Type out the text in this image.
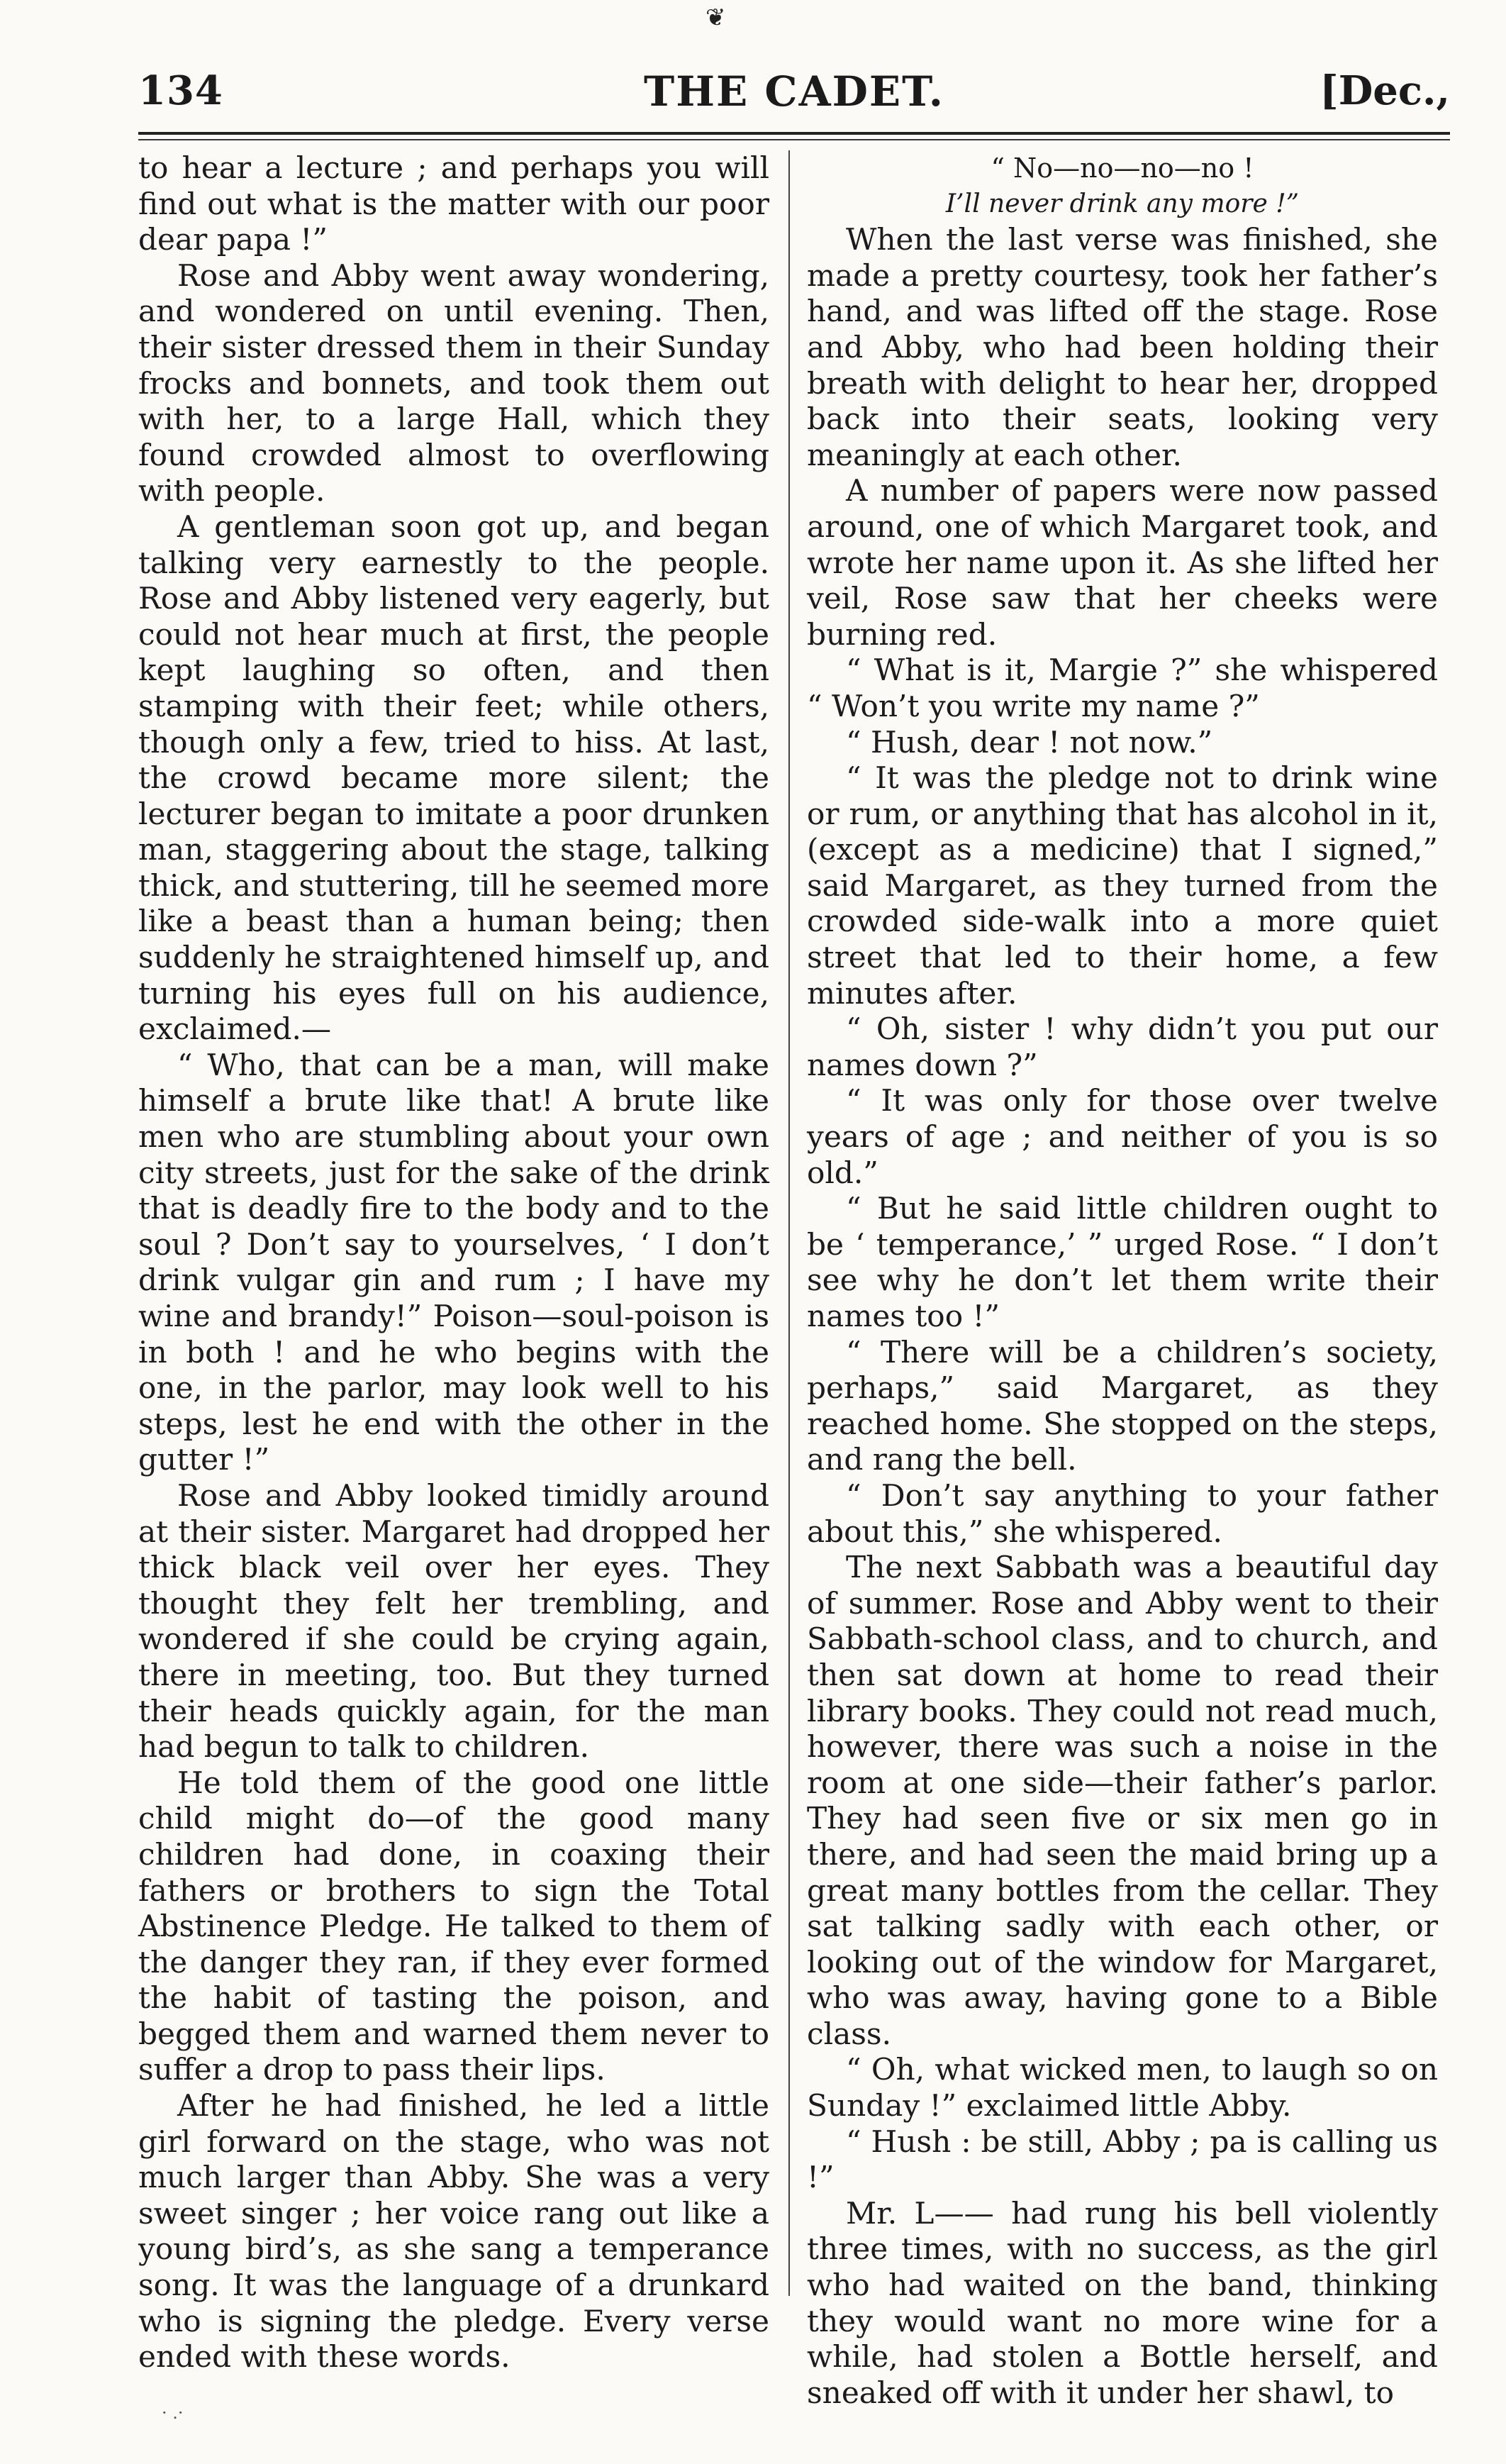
❦
134	THE CADET.	[Dec.,

to hear a lecture ; and perhaps you will find out what is the matter with our poor dear papa !”

Rose and Abby went away wondering, and wondered on until evening. Then, their sister dressed them in their Sunday frocks and bonnets, and took them out with her, to a large Hall, which they found crowded almost to overflowing with people.

A gentleman soon got up, and began talking very earnestly to the people. Rose and Abby listened very eagerly, but could not hear much at first, the people kept laughing so often, and then stamping with their feet; while others, though only a few, tried to hiss. At last, the crowd became more silent; the lecturer began to imitate a poor drunken man, staggering about the stage, talking thick, and stuttering, till he seemed more like a beast than a human being; then suddenly he straightened himself up, and turning his eyes full on his audience, exclaimed.—

“ Who, that can be a man, will make himself a brute like that! A brute like men who are stumbling about your own city streets, just for the sake of the drink that is deadly fire to the body and to the soul ? Don’t say to yourselves, ‘ I don’t drink vulgar gin and rum ; I have my wine and brandy!” Poison—soul-poison is in both ! and he who begins with the one, in the parlor, may look well to his steps, lest he end with the other in the gutter !”

Rose and Abby looked timidly around at their sister. Margaret had dropped her thick black veil over her eyes. They thought they felt her trembling, and wondered if she could be crying again, there in meeting, too. But they turned their heads quickly again, for the man had begun to talk to children.

He told them of the good one little child might do—of the good many children had done, in coaxing their fathers or brothers to sign the Total Abstinence Pledge. He talked to them of the danger they ran, if they ever formed the habit of tasting the poison, and begged them and warned them never to suffer a drop to pass their lips.

After he had finished, he led a little girl forward on the stage, who was not much larger than Abby. She was a very sweet singer ; her voice rang out like a young bird’s, as she sang a temperance song. It was the language of a drunkard who is signing the pledge. Every verse ended with these words.

“ No—no—no—no !

I’ll never drink any more !”

When the last verse was finished, she made a pretty courtesy, took her father’s hand, and was lifted off the stage. Rose and Abby, who had been holding their breath with delight to hear her, dropped back into their seats, looking very meaningly at each other.

A number of papers were now passed around, one of which Margaret took, and wrote her name upon it. As she lifted her veil, Rose saw that her cheeks were burning red.

“ What is it, Margie ?” she whispered “ Won’t you write my name ?”

“ Hush, dear ! not now.”

“ It was the pledge not to drink wine or rum, or anything that has alcohol in it, (except as a medicine) that I signed,” said Margaret, as they turned from the crowded side-walk into a more quiet street that led to their home, a few minutes after.

“ Oh, sister ! why didn’t you put our names down ?”

“ It was only for those over twelve years of age ; and neither of you is so old.”

“ But he said little children ought to be ‘ temperance,’ ” urged Rose. “ I don’t see why he don’t let them write their names too !”

“ There will be a children’s society, perhaps,” said Margaret, as they reached home. She stopped on the steps, and rang the bell.

“ Don’t say anything to your father about this,” she whispered.

The next Sabbath was a beautiful day of summer. Rose and Abby went to their Sabbath-school class, and to church, and then sat down at home to read their library books. They could not read much, however, there was such a noise in the room at one side—their father’s parlor. They had seen five or six men go in there, and had seen the maid bring up a great many bottles from the cellar. They sat talking sadly with each other, or looking out of the window for Margaret, who was away, having gone to a Bible class.

“ Oh, what wicked men, to laugh so on Sunday !” exclaimed little Abby.

“ Hush : be still, Abby ; pa is calling us !”

Mr. L—— had rung his bell violently three times, with no success, as the girl who had waited on the band, thinking they would want no more wine for a while, had stolen a Bottle herself, and sneaked off with it under her shawl, to

· .·
